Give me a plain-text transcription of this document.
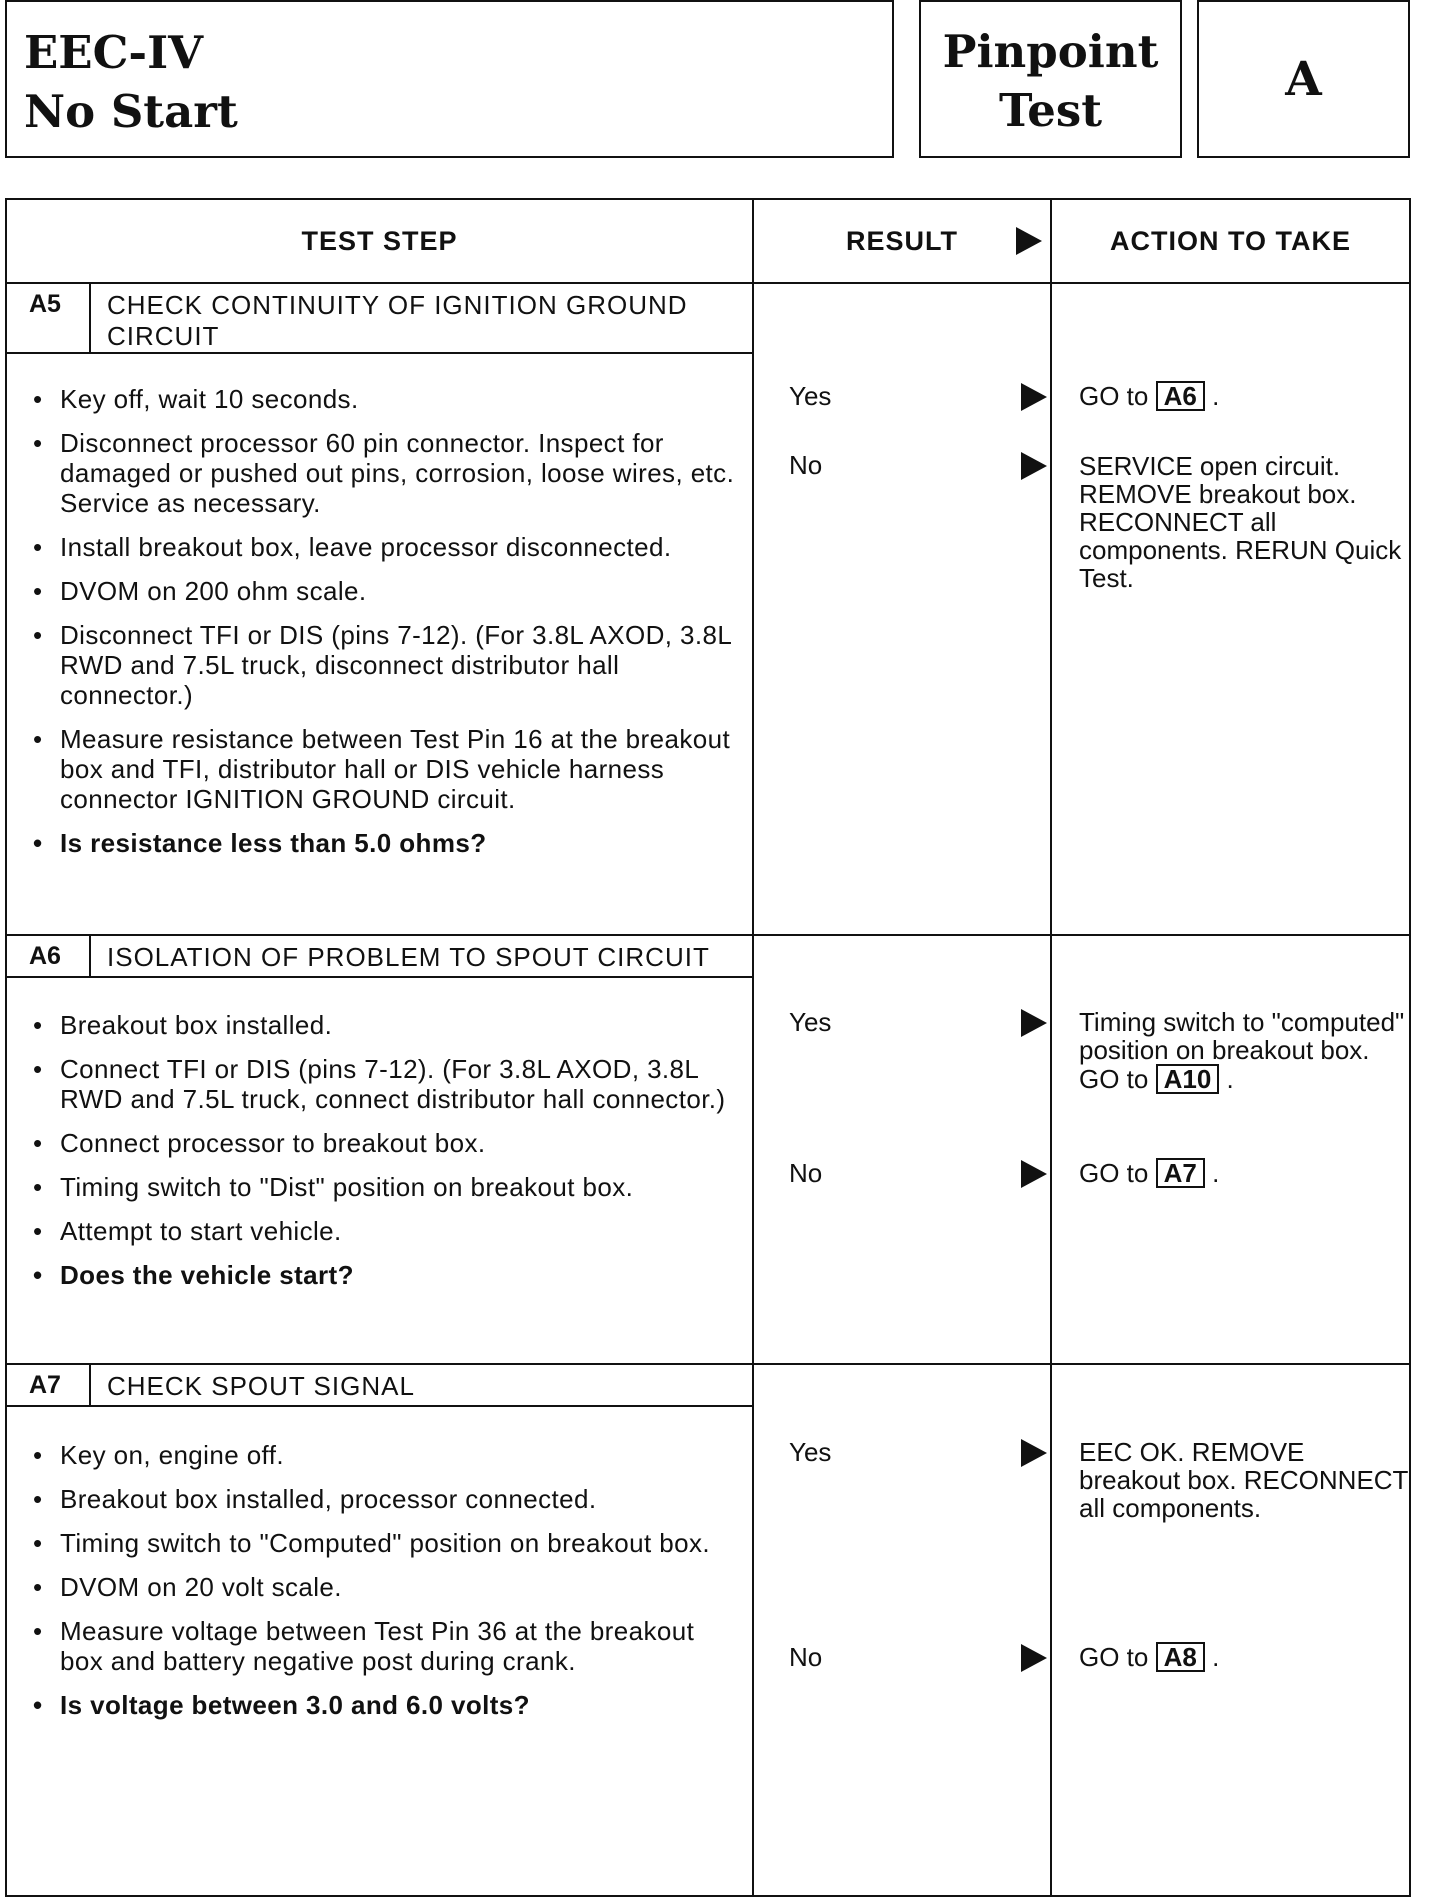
EEC-IV
No Start
Pinpoint
Test
A
TEST STEP	RESULT	ACTION TO TAKE
A5	CHECK CONTINUITY OF IGNITION GROUND CIRCUIT
• Key off, wait 10 seconds.
• Disconnect processor 60 pin connector. Inspect for damaged or pushed out pins, corrosion, loose wires, etc. Service as necessary.
• Install breakout box, leave processor disconnected.
• DVOM on 200 ohm scale.
• Disconnect TFI or DIS (pins 7-12). (For 3.8L AXOD, 3.8L RWD and 7.5L truck, disconnect distributor hall connector.)
• Measure resistance between Test Pin 16 at the breakout box and TFI, distributor hall or DIS vehicle harness connector IGNITION GROUND circuit.
• Is resistance less than 5.0 ohms?
Yes	GO to A6 .
No	SERVICE open circuit. REMOVE breakout box. RECONNECT all components. RERUN Quick Test.
A6	ISOLATION OF PROBLEM TO SPOUT CIRCUIT
• Breakout box installed.
• Connect TFI or DIS (pins 7-12). (For 3.8L AXOD, 3.8L RWD and 7.5L truck, connect distributor hall connector.)
• Connect processor to breakout box.
• Timing switch to "Dist" position on breakout box.
• Attempt to start vehicle.
• Does the vehicle start?
Yes	Timing switch to "computed" position on breakout box. GO to A10 .
No	GO to A7 .
A7	CHECK SPOUT SIGNAL
• Key on, engine off.
• Breakout box installed, processor connected.
• Timing switch to "Computed" position on breakout box.
• DVOM on 20 volt scale.
• Measure voltage between Test Pin 36 at the breakout box and battery negative post during crank.
• Is voltage between 3.0 and 6.0 volts?
Yes	EEC OK. REMOVE breakout box. RECONNECT all components.
No	GO to A8 .
